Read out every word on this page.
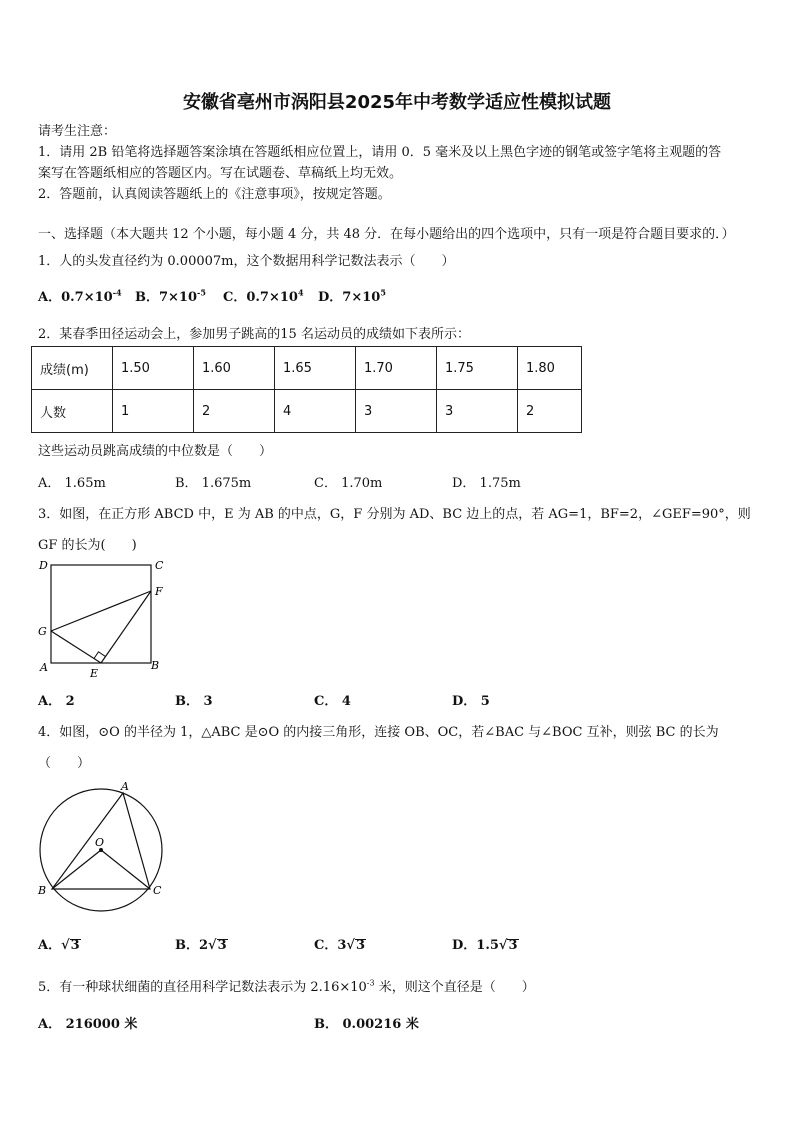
安徽省亳州市涡阳县2025年中考数学适应性模拟试题
请考生注意：
1．请用 2B 铅笔将选择题答案涂填在答题纸相应位置上，请用 0．5 毫米及以上黑色字迹的钢笔或签字笔将主观题的答
案写在答题纸相应的答题区内。写在试题卷、草稿纸上均无效。
2．答题前，认真阅读答题纸上的《注意事项》，按规定答题。
一、选择题（本大题共 12 个小题，每小题 4 分，共 48 分．在每小题给出的四个选项中，只有一项是符合题目要求的．）
1．人的头发直径约为 0.00007m，这个数据用科学记数法表示（　　）
A．$0.7\times 10^{-4}$ B．$7\times 10^{-5}$ C．$0.7\times 10^4$ D．$7\times 10^5$
2．某春季田径运动会上，参加男子跳高的15 名运动员的成绩如下表所示：
成绩(m)	1.50	1.60	1.65	1.70	1.75	1.80
人数	1	2	4	3	3	2
这些运动员跳高成绩的中位数是（　　）
A． 1.65m	B． 1.675m	C． 1.70m	D． 1.75m
3．如图，在正方形 ABCD 中，E 为 AB 的中点，G，F 分别为 AD、BC 边上的点，若 AG=1，BF=2，∠GEF=90°，则
GF 的长为(　　)
D	C
F
G
A	B
E
A． 2	B． 3	C． 4	D． 5
4．如图，⊙O 的半径为 1，△ABC 是⊙O 的内接三角形，连接 OB、OC，若∠BAC 与∠BOC 互补，则弦 BC 的长为
（　　）
A
O
B	C
A．√3	B．2√3	C．3√3	D．1.5√3
5．有一种球状细菌的直径用科学记数法表示为 $2.16\times 10^{-3}$ 米，则这个直径是（　　）
A． 216000 米	B． 0.00216 米
